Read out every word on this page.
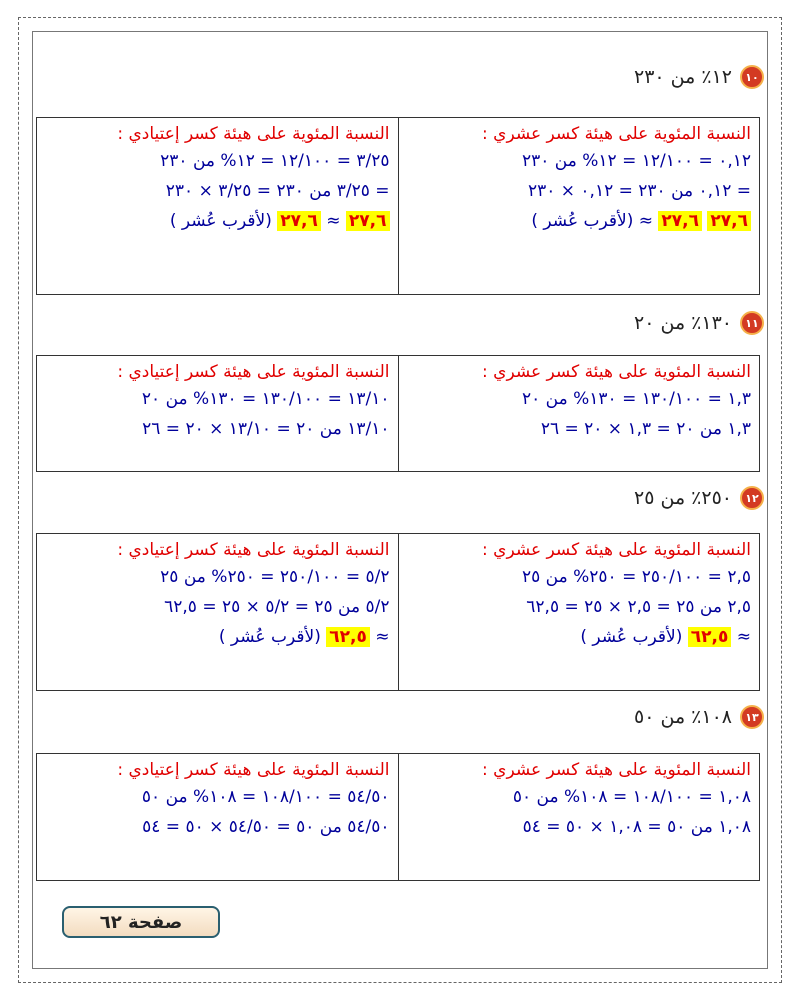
١٠
١٢٪ من ٢٣٠
النسبة المئوية على هيئة كسر عشري :
٠,١٢ = ١٢/١٠٠ = ١٢% من ٢٣٠
٠,١٢ من ٢٣٠ = ٠,١٢ × ٢٣٠ =
( لأقرب عُشر) ≈	٢٧,٦ ٢٧,٦
النسبة المئوية على هيئة كسر إعتيادي :
٣/٢٥ = ١٢/١٠٠ = ١٢% من ٢٣٠
٣/٢٥ من ٢٣٠ = ٣/٢٥ × ٢٣٠ =
( لأقرب عُشر)	٢٧,٦ ≈ ٢٧,٦
١١
١٣٠٪ من ٢٠
النسبة المئوية على هيئة كسر عشري :
١,٣ = ١٣٠/١٠٠ = ١٣٠% من ٢٠
١,٣ من ٢٠ = ١,٣ × ٢٠ = ٢٦
النسبة المئوية على هيئة كسر إعتيادي :
١٣/١٠ = ١٣٠/١٠٠ = ١٣٠% من ٢٠
١٣/١٠ من ٢٠ = ١٣/١٠ × ٢٠ = ٢٦
١٢
٢٥٠٪ من ٢٥
النسبة المئوية على هيئة كسر عشري :
٢,٥ = ٢٥٠/١٠٠ = ٢٥٠% من ٢٥
٢,٥ من ٢٥ = ٢,٥ × ٢٥ = ٦٢,٥
( لأقرب عُشر) ٦٢,٥ ≈
النسبة المئوية على هيئة كسر إعتيادي :
٥/٢ = ٢٥٠/١٠٠ = ٢٥٠% من ٢٥
٥/٢ من ٢٥ = ٥/٢ × ٢٥ = ٦٢,٥
( لأقرب عُشر) ٦٢,٥ ≈
١٣
١٠٨٪ من ٥٠
النسبة المئوية على هيئة كسر عشري :
١,٠٨ = ١٠٨/١٠٠ = ١٠٨% من ٥٠
١,٠٨ من ٥٠ = ١,٠٨ × ٥٠ = ٥٤
النسبة المئوية على هيئة كسر إعتيادي :
٥٤/٥٠ = ١٠٨/١٠٠ = ١٠٨% من ٥٠
٥٤/٥٠ من ٥٠ = ٥٤/٥٠ × ٥٠ = ٥٤
صفحة ٦٢
